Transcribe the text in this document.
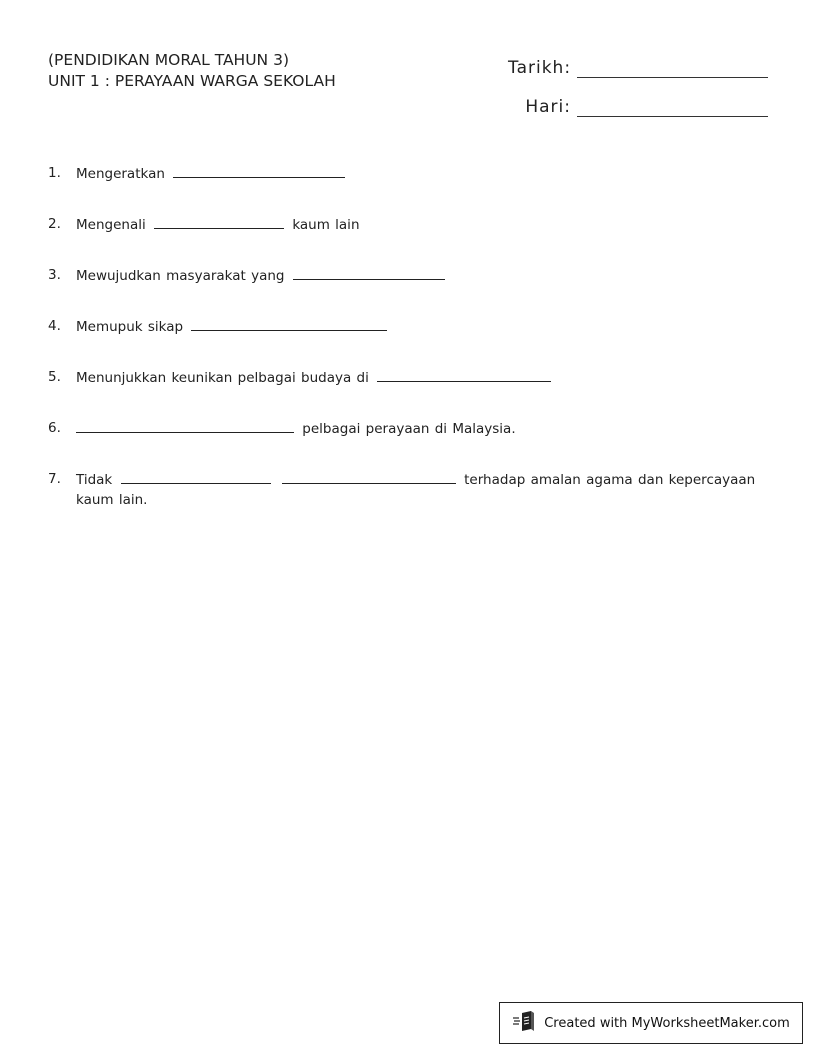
(PENDIDIKAN MORAL TAHUN 3)
UNIT 1 : PERAYAAN WARGA SEKOLAH
Tarikh:
Hari:
1.	Mengeratkan
2.	Mengenali	kaum lain
3.	Mewujudkan masyarakat yang
4.	Memupuk sikap
5.	Menunjukkan keunikan pelbagai budaya di
6.	pelbagai perayaan di Malaysia.
7.	Tidak	terhadap amalan agama dan kepercayaan kaum lain.
Created with MyWorksheetMaker.com
